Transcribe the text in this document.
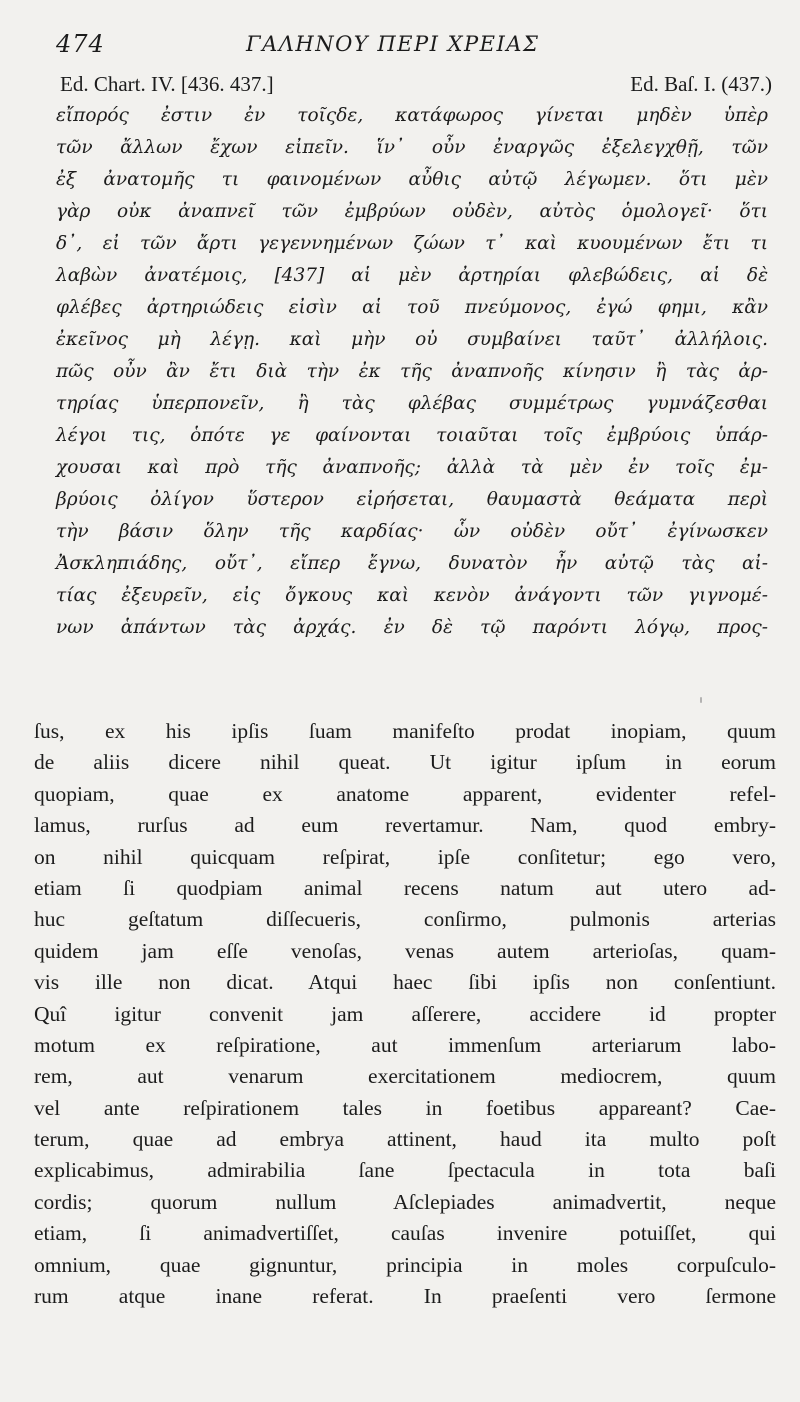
474	ΓΑΛΗΝΟΥ ΠΕΡΙ ΧΡΕΙΑΣ
Ed. Chart. IV. [436. 437.]	Ed. Baſ. I. (437.)
εἴπορός ἐστιν ἐν τοῖςδε, κατάφωρος γίνεται μηδὲν ὑπὲρ
τῶν ἄλλων ἔχων εἰπεῖν. ἵν᾽ οὖν ἐναργῶς ἐξελεγχθῇ, τῶν
ἐξ ἀνατομῆς τι φαινομένων αὖθις αὐτῷ λέγωμεν. ὅτι μὲν
γὰρ οὐκ ἀναπνεῖ τῶν ἐμβρύων οὐδὲν, αὐτὸς ὁμολογεῖ· ὅτι
δ᾽, εἰ τῶν ἄρτι γεγεννημένων ζώων τ᾽ καὶ κυουμένων ἔτι τι
λαβὼν ἀνατέμοις, [437] αἱ μὲν ἀρτηρίαι φλεβώδεις, αἱ δὲ
φλέβες ἀρτηριώδεις εἰσὶν αἱ τοῦ πνεύμονος, ἐγώ φημι, κἂν
ἐκεῖνος μὴ λέγῃ. καὶ μὴν οὐ συμβαίνει ταῦτ᾽ ἀλλήλοις.
πῶς οὖν ἂν ἔτι διὰ τὴν ἐκ τῆς ἀναπνοῆς κίνησιν ἢ τὰς ἀρ-
τηρίας ὑπερπονεῖν, ἢ τὰς φλέβας συμμέτρως γυμνάζεσθαι
λέγοι τις, ὁπότε γε φαίνονται τοιαῦται τοῖς ἐμβρύοις ὑπάρ-
χουσαι καὶ πρὸ τῆς ἀναπνοῆς; ἀλλὰ τὰ μὲν ἐν τοῖς ἐμ-
βρύοις ὀλίγον ὕστερον εἰρήσεται, θαυμαστὰ θεάματα περὶ
τὴν βάσιν ὅλην τῆς καρδίας· ὧν οὐδὲν οὔτ᾽ ἐγίνωσκεν
Ἀσκληπιάδης, οὔτ᾽, εἴπερ ἔγνω, δυνατὸν ἦν αὐτῷ τὰς αἰ-
τίας ἐξευρεῖν, εἰς ὄγκους καὶ κενὸν ἀνάγοντι τῶν γιγνομέ-
νων ἁπάντων τὰς ἀρχάς. ἐν δὲ τῷ παρόντι λόγῳ, προς-
ſus, ex his ipſis ſuam manifeſto prodat inopiam, quum
de aliis dicere nihil queat. Ut igitur ipſum in eorum
quopiam, quae ex anatome apparent, evidenter refel-
lamus, rurſus ad eum revertamur. Nam, quod embry-
on nihil quicquam reſpirat, ipſe conſitetur; ego vero,
etiam ſi quodpiam animal recens natum aut utero ad-
huc geſtatum diſſecueris, conſirmo, pulmonis arterias
quidem jam eſſe venoſas, venas autem arterioſas, quam-
vis ille non dicat. Atqui haec ſibi ipſis non conſentiunt.
Quî igitur convenit jam aſſerere, accidere id propter
motum ex reſpiratione, aut immenſum arteriarum labo-
rem, aut venarum exercitationem mediocrem, quum
vel ante reſpirationem tales in foetibus appareant? Cae-
terum, quae ad embrya attinent, haud ita multo poſt
explicabimus, admirabilia ſane ſpectacula in tota baſi
cordis; quorum nullum Aſclepiades animadvertit, neque
etiam, ſi animadvertiſſet, cauſas invenire potuiſſet, qui
omnium, quae gignuntur, principia in moles corpuſculo-
rum atque inane referat. In praeſenti vero ſermone
